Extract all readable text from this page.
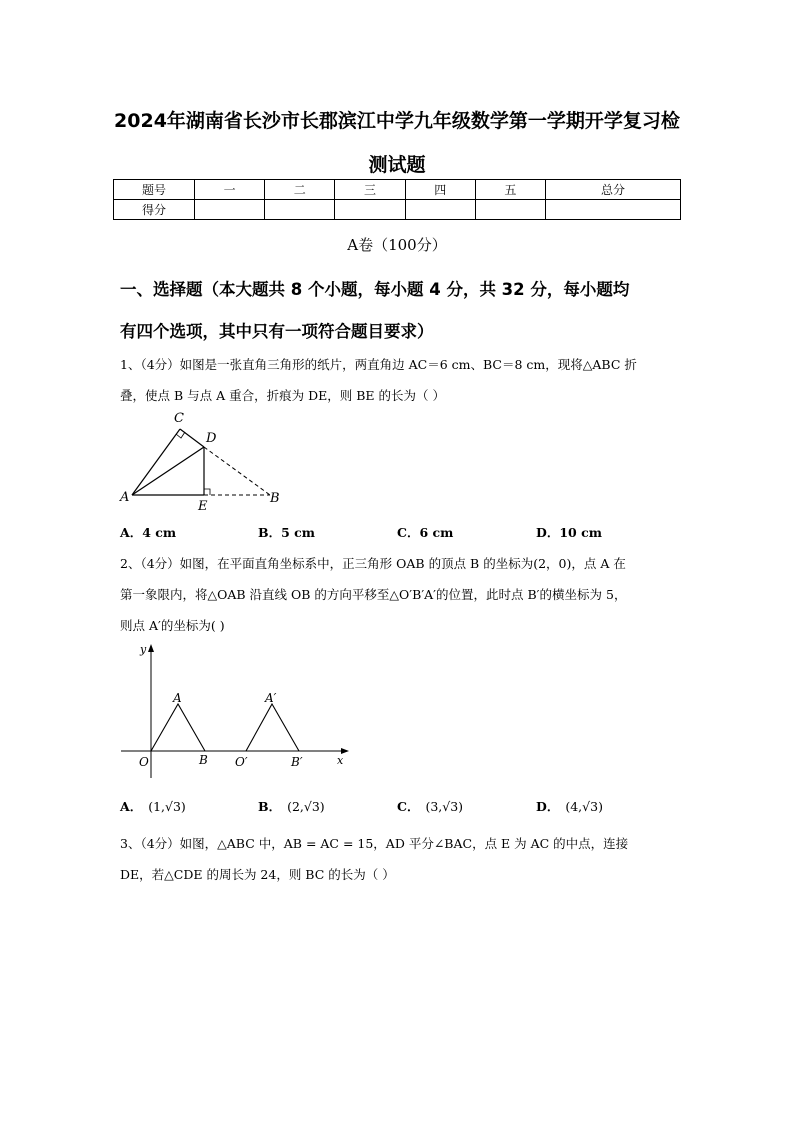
2024年湖南省长沙市长郡滨江中学九年级数学第一学期开学复习检
测试题
题号	一	二	三	四	五	总分
得分						
A卷（100分）
一、选择题（本大题共 8 个小题，每小题 4 分，共 32 分，每小题均
有四个选项，其中只有一项符合题目要求）
1、（4分）如图是一张直角三角形的纸片，两直角边 AC＝6 cm、BC＝8 cm，现将△ABC 折
叠，使点 B 与点 A 重合，折痕为 DE，则 BE 的长为（ ）
C
D
A
E
B
A．4 cm	B．5 cm	C．6 cm	D．10 cm
2、（4分）如图，在平面直角坐标系中，正三角形 OAB 的顶点 B 的坐标为(2，0)，点 A 在
第一象限内，将△OAB 沿直线 OB 的方向平移至△O′B′A′的位置，此时点 B′的横坐标为 5，
则点 A′的坐标为( )
y
x
O
A
B O′
A′
B′
A． (1,√3)	B． (2,√3)	C． (3,√3)	D． (4,√3)
3、（4分）如图，△ABC 中，AB = AC = 15，AD 平分∠BAC，点 E 为 AC 的中点，连接
DE，若△CDE 的周长为 24，则 BC 的长为（ ）
